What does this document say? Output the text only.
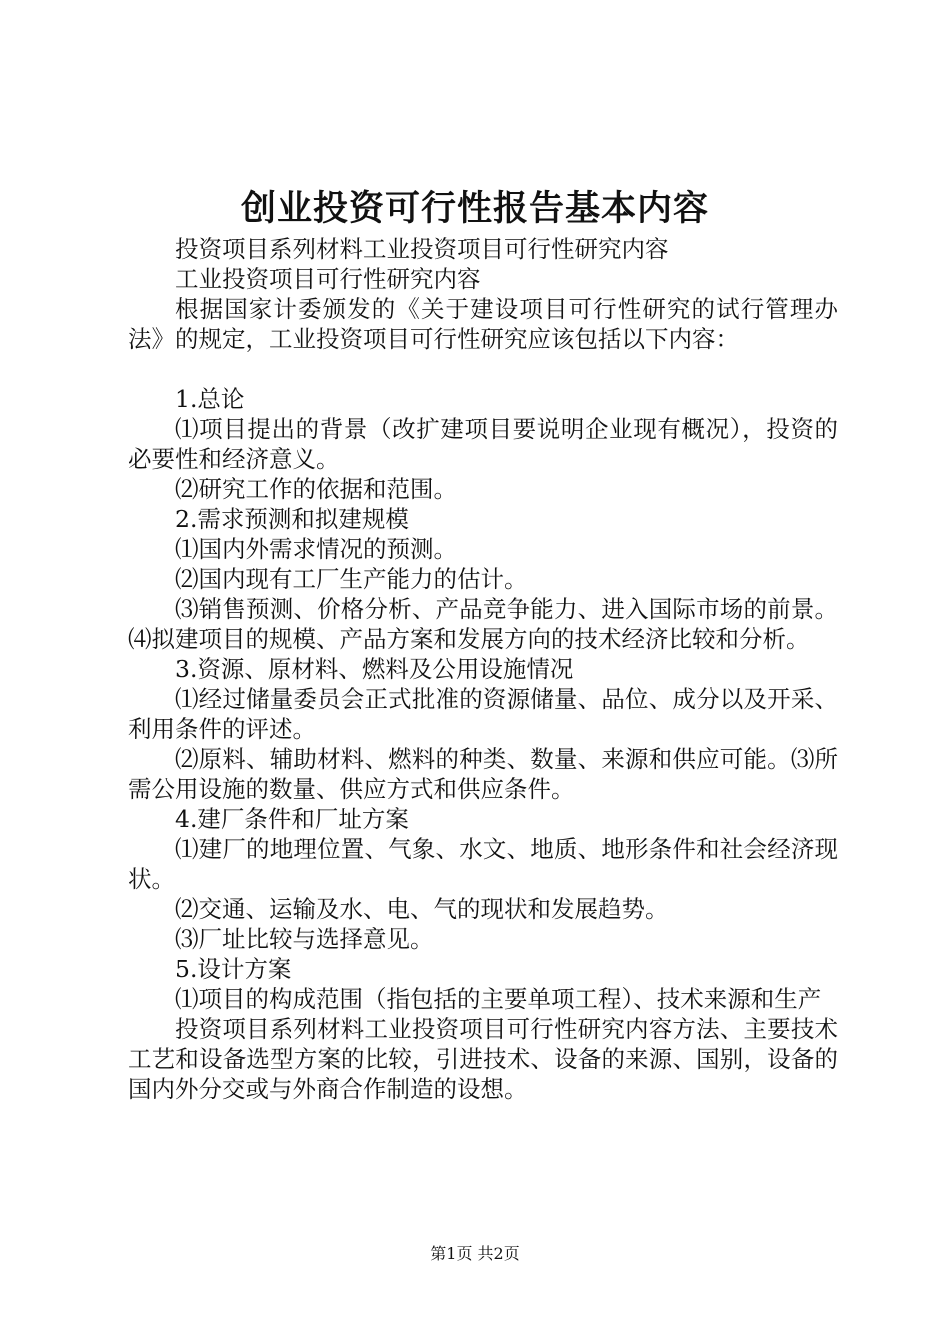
创业投资可行性报告基本内容

投资项目系列材料工业投资项目可行性研究内容

工业投资项目可行性研究内容

根据国家计委颁发的《关于建设项目可行性研究的试行管理办法》的规定，工业投资项目可行性研究应该包括以下内容：

1.总论

⑴项目提出的背景（改扩建项目要说明企业现有概况），投资的必要性和经济意义。

⑵研究工作的依据和范围。

2.需求预测和拟建规模

⑴国内外需求情况的预测。

⑵国内现有工厂生产能力的估计。

⑶销售预测、价格分析、产品竞争能力、进入国际市场的前景。⑷拟建项目的规模、产品方案和发展方向的技术经济比较和分析。

3.资源、原材料、燃料及公用设施情况

⑴经过储量委员会正式批准的资源储量、品位、成分以及开采、利用条件的评述。

⑵原料、辅助材料、燃料的种类、数量、来源和供应可能。⑶所需公用设施的数量、供应方式和供应条件。

4.建厂条件和厂址方案

⑴建厂的地理位置、气象、水文、地质、地形条件和社会经济现状。

⑵交通、运输及水、电、气的现状和发展趋势。

⑶厂址比较与选择意见。

5.设计方案

⑴项目的构成范围（指包括的主要单项工程）、技术来源和生产

投资项目系列材料工业投资项目可行性研究内容方法、主要技术工艺和设备选型方案的比较，引进技术、设备的来源、国别，设备的国内外分交或与外商合作制造的设想。

第1页 共2页
